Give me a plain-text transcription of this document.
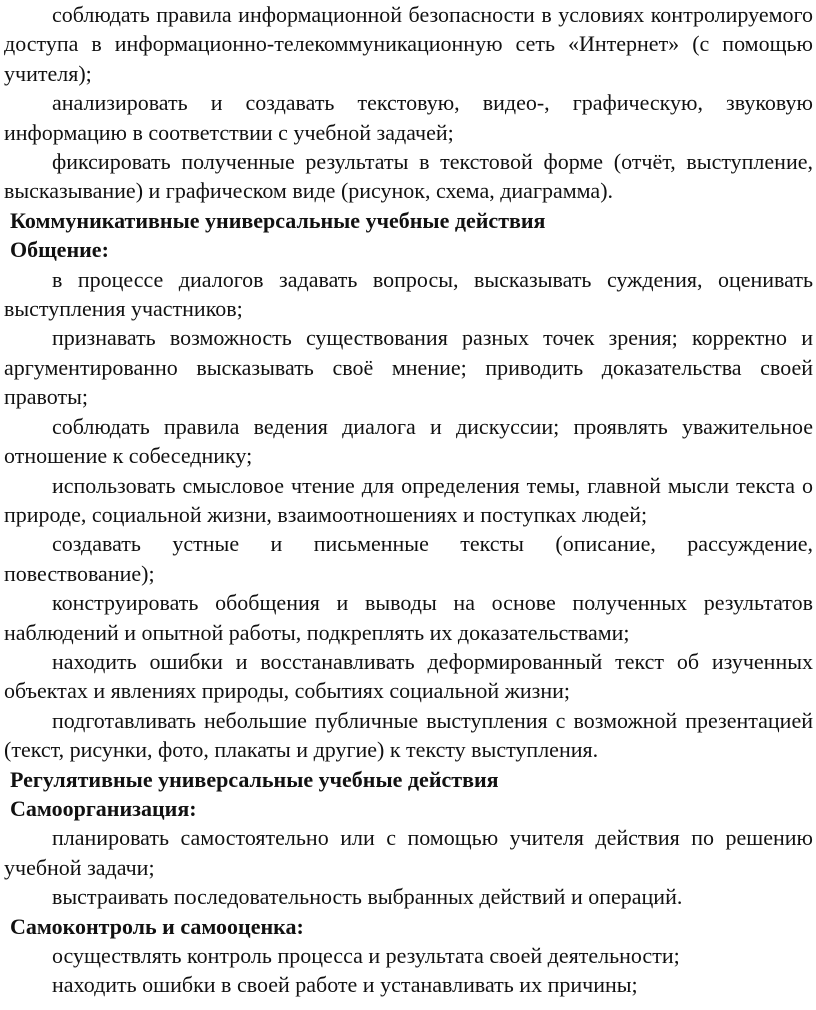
соблюдать правила информационной безопасности в условиях контролируемого доступа в информационно-телекоммуникационную сеть «Интернет» (с помощью учителя);

анализировать и создавать текстовую, видео-, графическую, звуковую информацию в соответствии с учебной задачей;

фиксировать полученные результаты в текстовой форме (отчёт, выступление, высказывание) и графическом виде (рисунок, схема, диаграмма).

Коммуникативные универсальные учебные действия

Общение:

в процессе диалогов задавать вопросы, высказывать суждения, оценивать выступления участников;

признавать возможность существования разных точек зрения; корректно и аргументированно высказывать своё мнение; приводить доказательства своей правоты;

соблюдать правила ведения диалога и дискуссии; проявлять уважительное отношение к собеседнику;

использовать смысловое чтение для определения темы, главной мысли текста о природе, социальной жизни, взаимоотношениях и поступках людей;

создавать устные и письменные тексты (описание, рассуждение, повествование);

конструировать обобщения и выводы на основе полученных результатов наблюдений и опытной работы, подкреплять их доказательствами;

находить ошибки и восстанавливать деформированный текст об изученных объектах и явлениях природы, событиях социальной жизни;

подготавливать небольшие публичные выступления с возможной презентацией (текст, рисунки, фото, плакаты и другие) к тексту выступления.

Регулятивные универсальные учебные действия

Самоорганизация:

планировать самостоятельно или с помощью учителя действия по решению учебной задачи;

выстраивать последовательность выбранных действий и операций.

Самоконтроль и самооценка:

осуществлять контроль процесса и результата своей деятельности;

находить ошибки в своей работе и устанавливать их причины;
